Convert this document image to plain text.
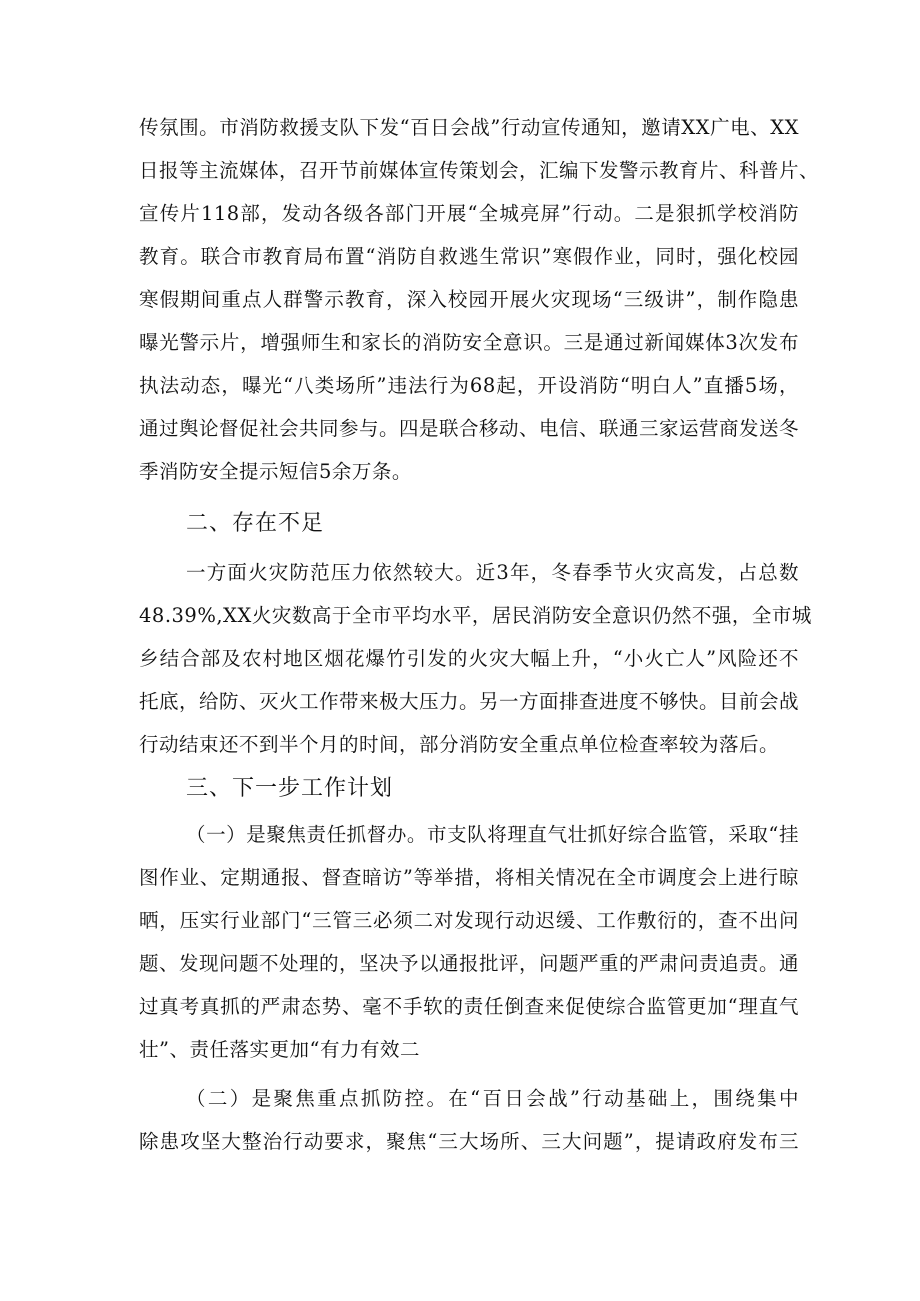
传氛围。市消防救援支队下发“百日会战”行动宣传通知，邀请XX广电、XX
日报等主流媒体，召开节前媒体宣传策划会，汇编下发警示教育片、科普片、
宣传片118部，发动各级各部门开展“全城亮屏”行动。二是狠抓学校消防
教育。联合市教育局布置“消防自救逃生常识”寒假作业，同时，强化校园
寒假期间重点人群警示教育，深入校园开展火灾现场“三级讲”，制作隐患
曝光警示片，增强师生和家长的消防安全意识。三是通过新闻媒体3次发布
执法动态，曝光“八类场所”违法行为68起，开设消防“明白人”直播5场，
通过舆论督促社会共同参与。四是联合移动、电信、联通三家运营商发送冬
季消防安全提示短信5余万条。
二、存在不足
一方面火灾防范压力依然较大。近3年，冬春季节火灾高发，占总数
48.39%,XX火灾数高于全市平均水平，居民消防安全意识仍然不强，全市城
乡结合部及农村地区烟花爆竹引发的火灾大幅上升，“小火亡人”风险还不
托底，给防、灭火工作带来极大压力。另一方面排查进度不够快。目前会战
行动结束还不到半个月的时间，部分消防安全重点单位检查率较为落后。
三、下一步工作计划
（一）是聚焦责任抓督办。市支队将理直气壮抓好综合监管，采取“挂
图作业、定期通报、督查暗访”等举措，将相关情况在全市调度会上进行晾
晒，压实行业部门“三管三必须二对发现行动迟缓、工作敷衍的，查不出问
题、发现问题不处理的，坚决予以通报批评，问题严重的严肃问责追责。通
过真考真抓的严肃态势、毫不手软的责任倒查来促使综合监管更加“理直气
壮”、责任落实更加“有力有效二
（二）是聚焦重点抓防控。在“百日会战”行动基础上，围绕集中
除患攻坚大整治行动要求，聚焦“三大场所、三大问题”，提请政府发布三
